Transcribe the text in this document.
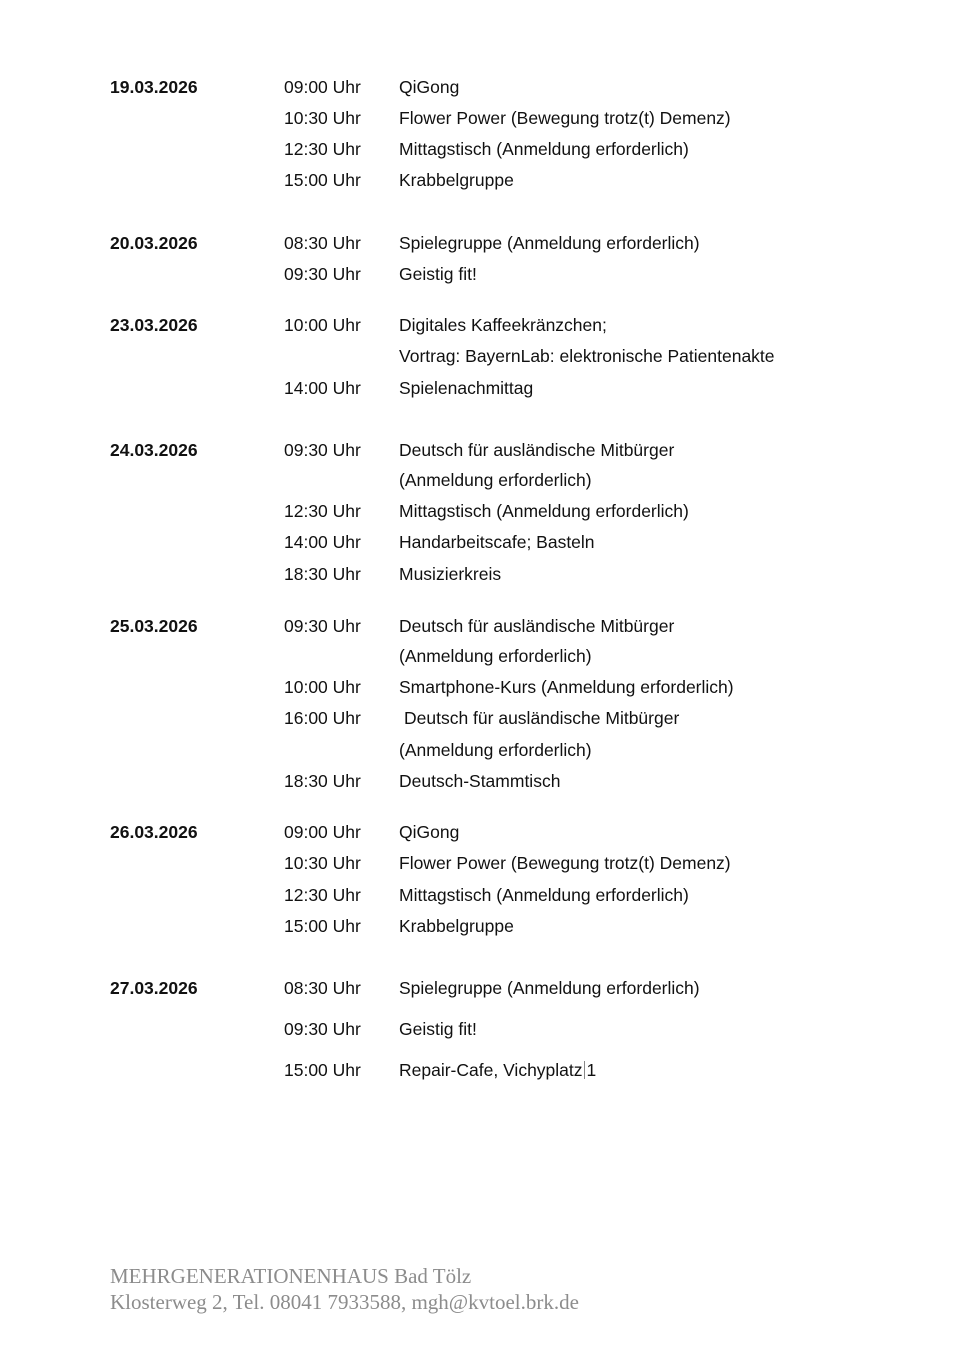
19.03.2026	09:00 Uhr QiGong
10:30 Uhr Flower Power (Bewegung trotz(t) Demenz)
12:30 Uhr Mittagstisch (Anmeldung erforderlich)
15:00 Uhr Krabbelgruppe
20.03.2026	08:30 Uhr Spielegruppe (Anmeldung erforderlich)
09:30 Uhr Geistig fit!
23.03.2026	10:00 Uhr Digitales Kaffeekränzchen;
Vortrag: BayernLab: elektronische Patientenakte
14:00 Uhr Spielenachmittag
24.03.2026	09:30 Uhr Deutsch für ausländische Mitbürger
(Anmeldung erforderlich)
12:30 Uhr Mittagstisch (Anmeldung erforderlich)
14:00 Uhr Handarbeitscafe; Basteln
18:30 Uhr Musizierkreis
25.03.2026	09:30 Uhr Deutsch für ausländische Mitbürger
(Anmeldung erforderlich)
10:00 Uhr Smartphone-Kurs (Anmeldung erforderlich)
16:00 Uhr Deutsch für ausländische Mitbürger
(Anmeldung erforderlich)
18:30 Uhr Deutsch-Stammtisch
26.03.2026	09:00 Uhr QiGong
10:30 Uhr Flower Power (Bewegung trotz(t) Demenz)
12:30 Uhr Mittagstisch (Anmeldung erforderlich)
15:00 Uhr Krabbelgruppe
27.03.2026	08:30 Uhr Spielegruppe (Anmeldung erforderlich)
09:30 Uhr Geistig fit!
15:00 Uhr Repair-Cafe, Vichyplatz 1
MEHRGENERATIONENHAUS Bad Tölz
Klosterweg 2, Tel. 08041 7933588, mgh@kvtoel.brk.de
